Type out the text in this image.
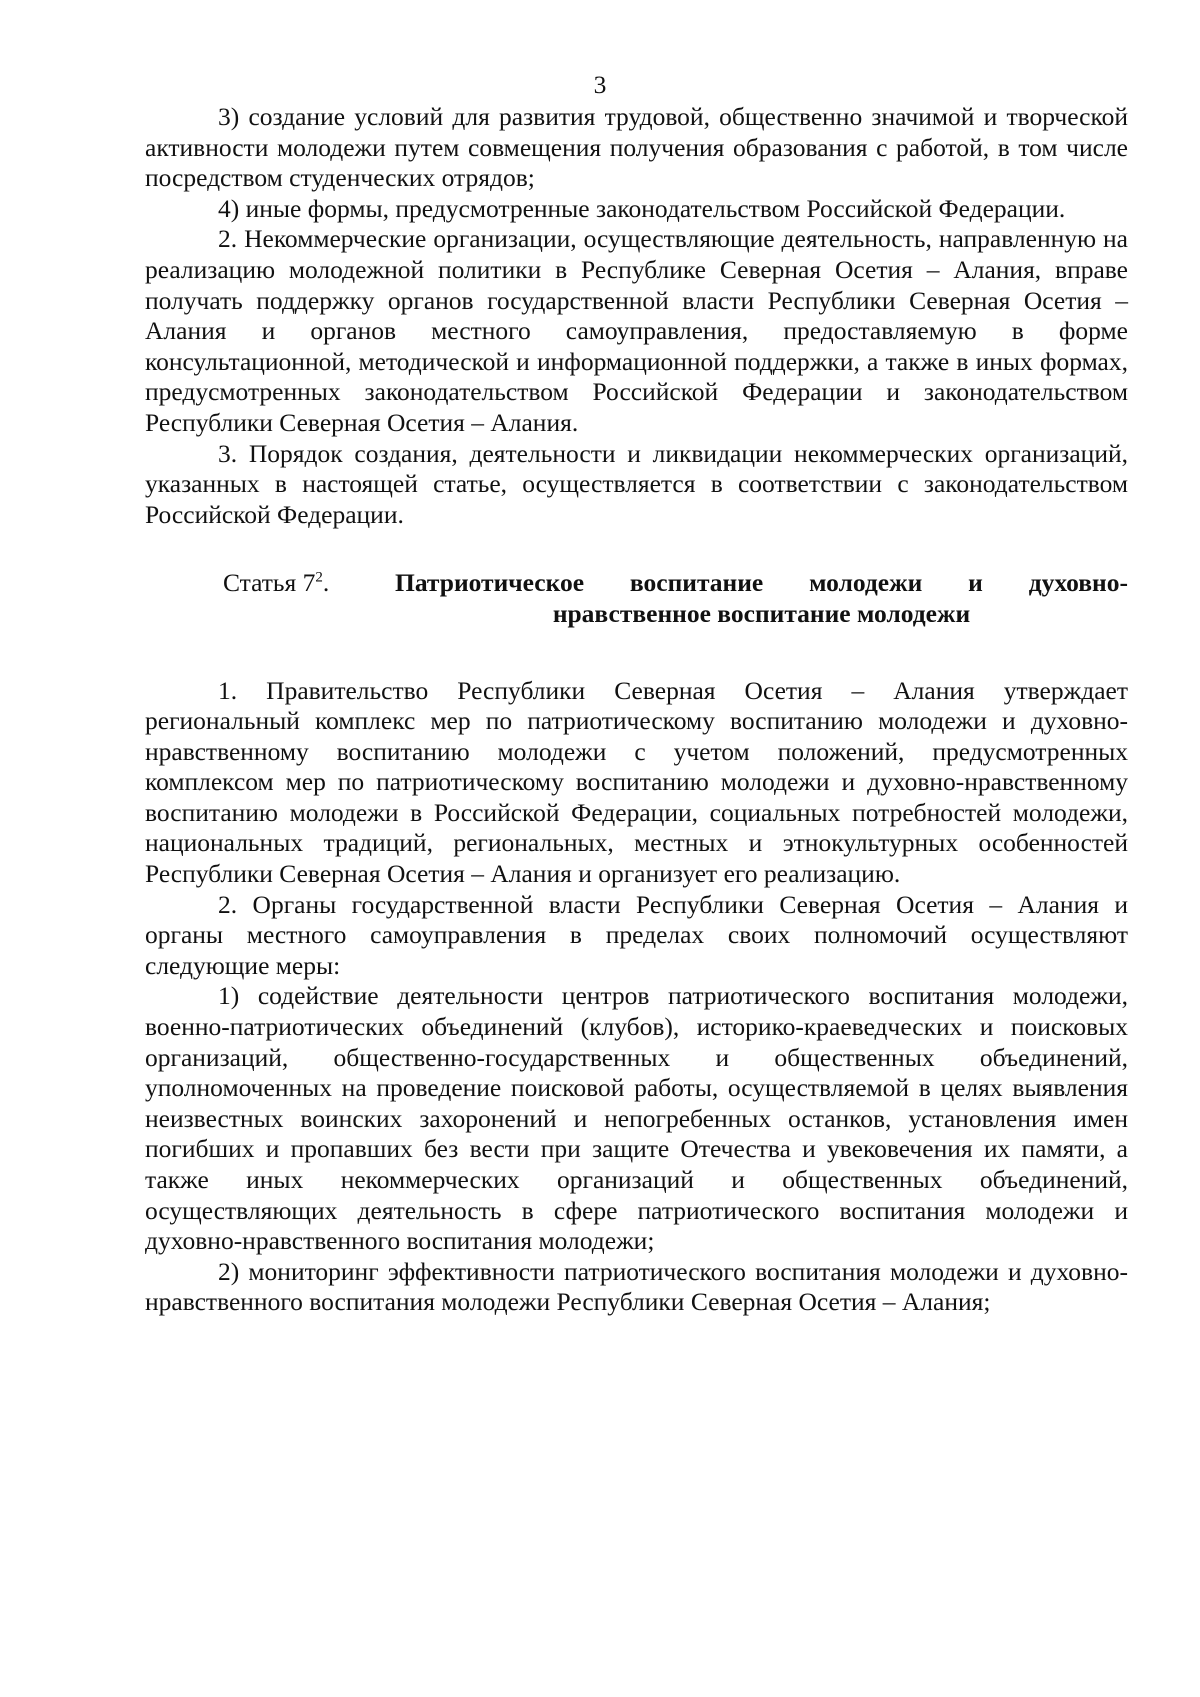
3

3) создание условий для развития трудовой, общественно значимой и творческой активности молодежи путем совмещения получения образования с работой, в том числе посредством студенческих отрядов;

4) иные формы, предусмотренные законодательством Российской Федерации.

2. Некоммерческие организации, осуществляющие деятельность, направленную на реализацию молодежной политики в Республике Северная Осетия – Алания, вправе получать поддержку органов государственной власти Республики Северная Осетия – Алания и органов местного самоуправления, предоставляемую в форме консультационной, методической и информационной поддержки, а также в иных формах, предусмотренных законодательством Российской Федерации и законодательством Республики Северная Осетия – Алания.

3. Порядок создания, деятельности и ликвидации некоммерческих организаций, указанных в настоящей статье, осуществляется в соответствии с законодательством Российской Федерации.

Статья $7^2$.	Патриотическое воспитание молодежи и духовно-нравственное воспитание молодежи

1. Правительство Республики Северная Осетия – Алания утверждает региональный комплекс мер по патриотическому воспитанию молодежи и духовно-нравственному воспитанию молодежи с учетом положений, предусмотренных комплексом мер по патриотическому воспитанию молодежи и духовно-нравственному воспитанию молодежи в Российской Федерации, социальных потребностей молодежи, национальных традиций, региональных, местных и этнокультурных особенностей Республики Северная Осетия – Алания и организует его реализацию.

2. Органы государственной власти Республики Северная Осетия – Алания и органы местного самоуправления в пределах своих полномочий осуществляют следующие меры:

1) содействие деятельности центров патриотического воспитания молодежи, военно-патриотических объединений (клубов), историко-краеведческих и поисковых организаций, общественно-государственных и общественных объединений, уполномоченных на проведение поисковой работы, осуществляемой в целях выявления неизвестных воинских захоронений и непогребенных останков, установления имен погибших и пропавших без вести при защите Отечества и увековечения их памяти, а также иных некоммерческих организаций и общественных объединений, осуществляющих деятельность в сфере патриотического воспитания молодежи и духовно-нравственного воспитания молодежи;

2) мониторинг эффективности патриотического воспитания молодежи и духовно-нравственного воспитания молодежи Республики Северная Осетия – Алания;
